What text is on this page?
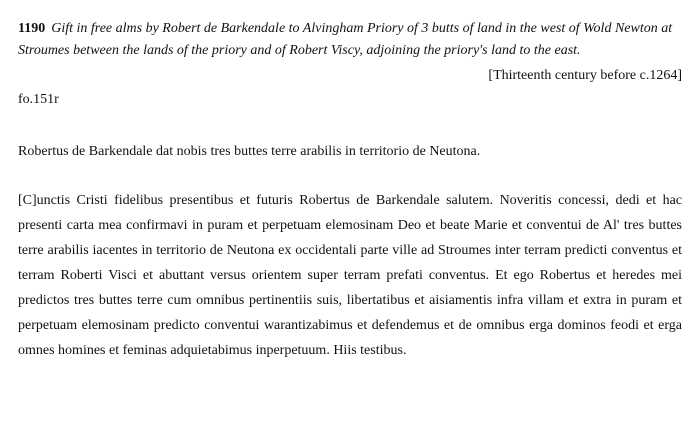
1190 Gift in free alms by Robert de Barkendale to Alvingham Priory of 3 butts of land in the west of Wold Newton at Stroumes between the lands of the priory and of Robert Viscy, adjoining the priory's land to the east.

[Thirteenth century before c.1264]

fo.151r

Robertus de Barkendale dat nobis tres buttes terre arabilis in territorio de Neutona.

[C]unctis Cristi fidelibus presentibus et futuris Robertus de Barkendale salutem. Noveritis concessi, dedi et hac presenti carta mea confirmavi in puram et perpetuam elemosinam Deo et beate Marie et conventui de Al' tres buttes terre arabilis iacentes in territorio de Neutona ex occidentali parte ville ad Stroumes inter terram predicti conventus et terram Roberti Visci et abuttant versus orientem super terram prefati conventus. Et ego Robertus et heredes mei predictos tres buttes terre cum omnibus pertinentiis suis, libertatibus et aisiamentis infra villam et extra in puram et perpetuam elemosinam predicto conventui warantizabimus et defendemus et de omnibus erga dominos feodi et erga omnes homines et feminas adquietabimus inperpetuum. Hiis testibus.
